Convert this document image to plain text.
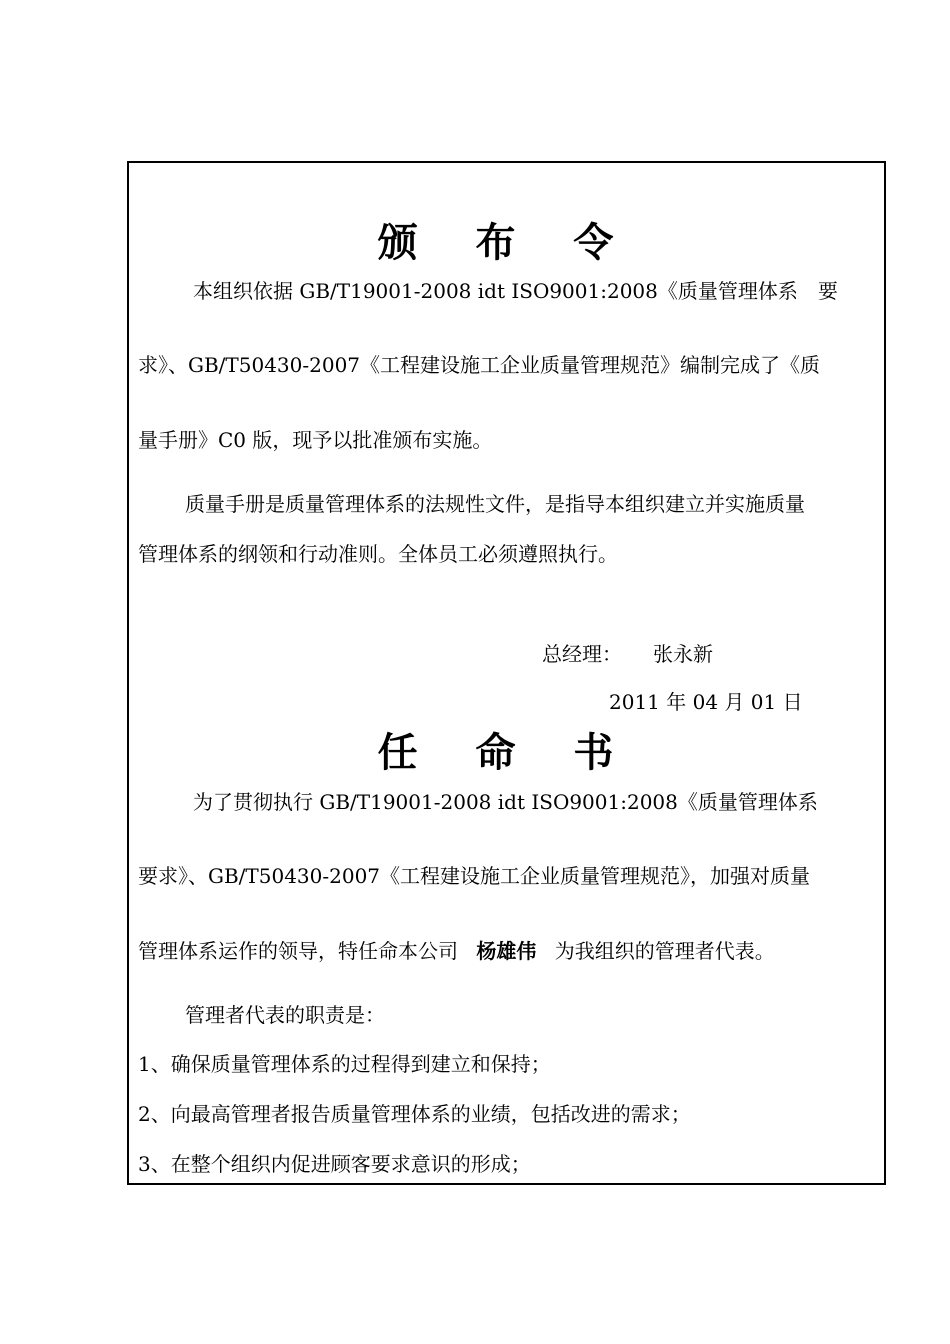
颁 布 令
本组织依据 GB/T19001-2008 idt ISO9001:2008《质量管理体系　要
求》、GB/T50430-2007《工程建设施工企业质量管理规范》编制完成了《质
量手册》C0 版，现予以批准颁布实施。
质量手册是质量管理体系的法规性文件，是指导本组织建立并实施质量
管理体系的纲领和行动准则。全体员工必须遵照执行。
总经理： 张永新
2011 年 04 月 01 日
任 命 书
为了贯彻执行 GB/T19001-2008 idt ISO9001:2008《质量管理体系
要求》、GB/T50430-2007《工程建设施工企业质量管理规范》，加强对质量
管理体系运作的领导，特任命本公司 杨雄伟 为我组织的管理者代表。
管理者代表的职责是：
1、确保质量管理体系的过程得到建立和保持；
2、向最高管理者报告质量管理体系的业绩，包括改进的需求；
3、在整个组织内促进顾客要求意识的形成；
